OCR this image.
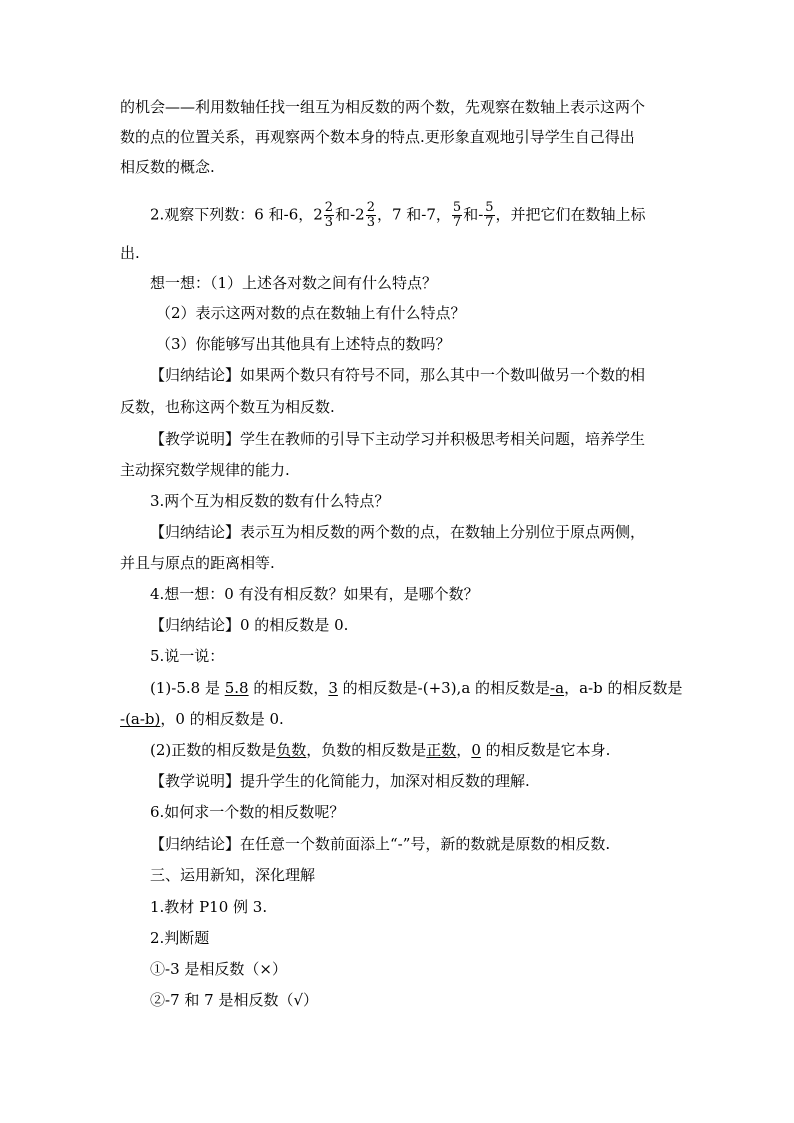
的机会——利用数轴任找一组互为相反数的两个数，先观察在数轴上表示这两个

数的点的位置关系，再观察两个数本身的特点.更形象直观地引导学生自己得出

相反数的概念.

2.观察下列数：6 和-6，$2 \frac{2}{3}$ 和$-2 \frac{2}{3}$ ，7 和-7， $\frac{5}{7}$ 和- $\frac{5}{7}$ ，并把它们在数轴上标

出.

想一想：（1）上述各对数之间有什么特点？

（2）表示这两对数的点在数轴上有什么特点？

（3）你能够写出其他具有上述特点的数吗？

【归纳结论】如果两个数只有符号不同，那么其中一个数叫做另一个数的相

反数，也称这两个数互为相反数.

【教学说明】学生在教师的引导下主动学习并积极思考相关问题，培养学生

主动探究数学规律的能力.

3.两个互为相反数的数有什么特点？

【归纳结论】表示互为相反数的两个数的点，在数轴上分别位于原点两侧，

并且与原点的距离相等.

4.想一想：0 有没有相反数？如果有，是哪个数？

【归纳结论】0 的相反数是 0.

5.说一说：

(1)-5.8 是 5.8 的相反数，3 的相反数是-(+3),a 的相反数是-a，a-b 的相反数是

-(a-b)，0 的相反数是 0.

(2)正数的相反数是负数，负数的相反数是正数，0 的相反数是它本身.

【教学说明】提升学生的化简能力，加深对相反数的理解.

6.如何求一个数的相反数呢？

【归纳结论】在任意一个数前面添上“-”号，新的数就是原数的相反数.

三、运用新知，深化理解

1.教材 P10 例 3.

2.判断题

①-3 是相反数（×）

②-7 和 7 是相反数（√）
